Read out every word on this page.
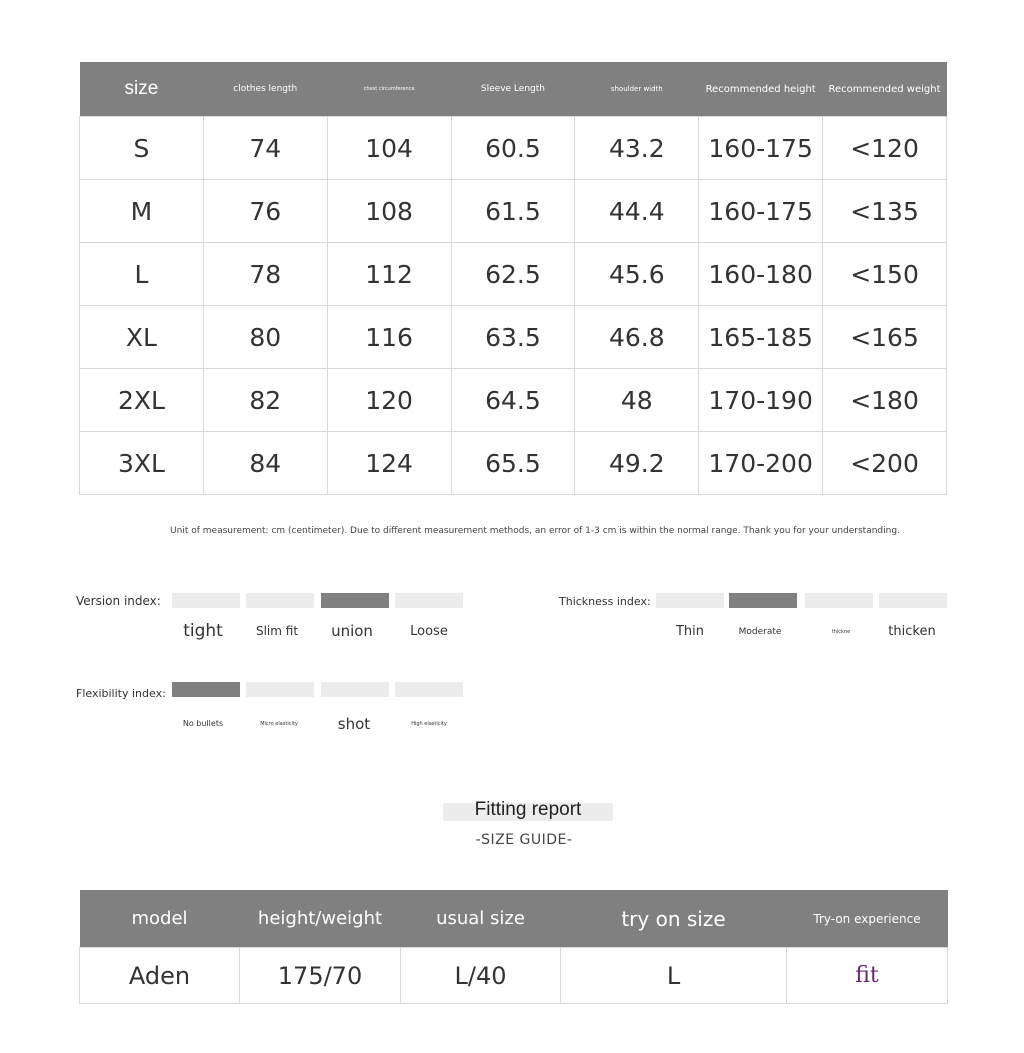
size	clothes length	chest circumference	Sleeve Length	shoulder width	Recommended height	Recommended weight
S	74	104	60.5	43.2	160-175	<120
M	76	108	61.5	44.4	160-175	<135
L	78	112	62.5	45.6	160-180	<150
XL	80	116	63.5	46.8	165-185	<165
2XL	82	120	64.5	48	170-190	<180
3XL	84	124	65.5	49.2	170-200	<200
Unit of measurement: cm (centimeter). Due to different measurement methods, an error of 1-3 cm is within the normal range. Thank you for your understanding.
Version index:
tight	Slim fit	union	Loose
Thickness index:
Thin	Moderate	thickne	thicken
Flexibility index:
No bullets	Micro elasticity	shot	High elasticity
Fitting report
-SIZE GUIDE-
model	height/weight	usual size	try on size	Try-on experience
Aden	175/70	L/40	L	fit
